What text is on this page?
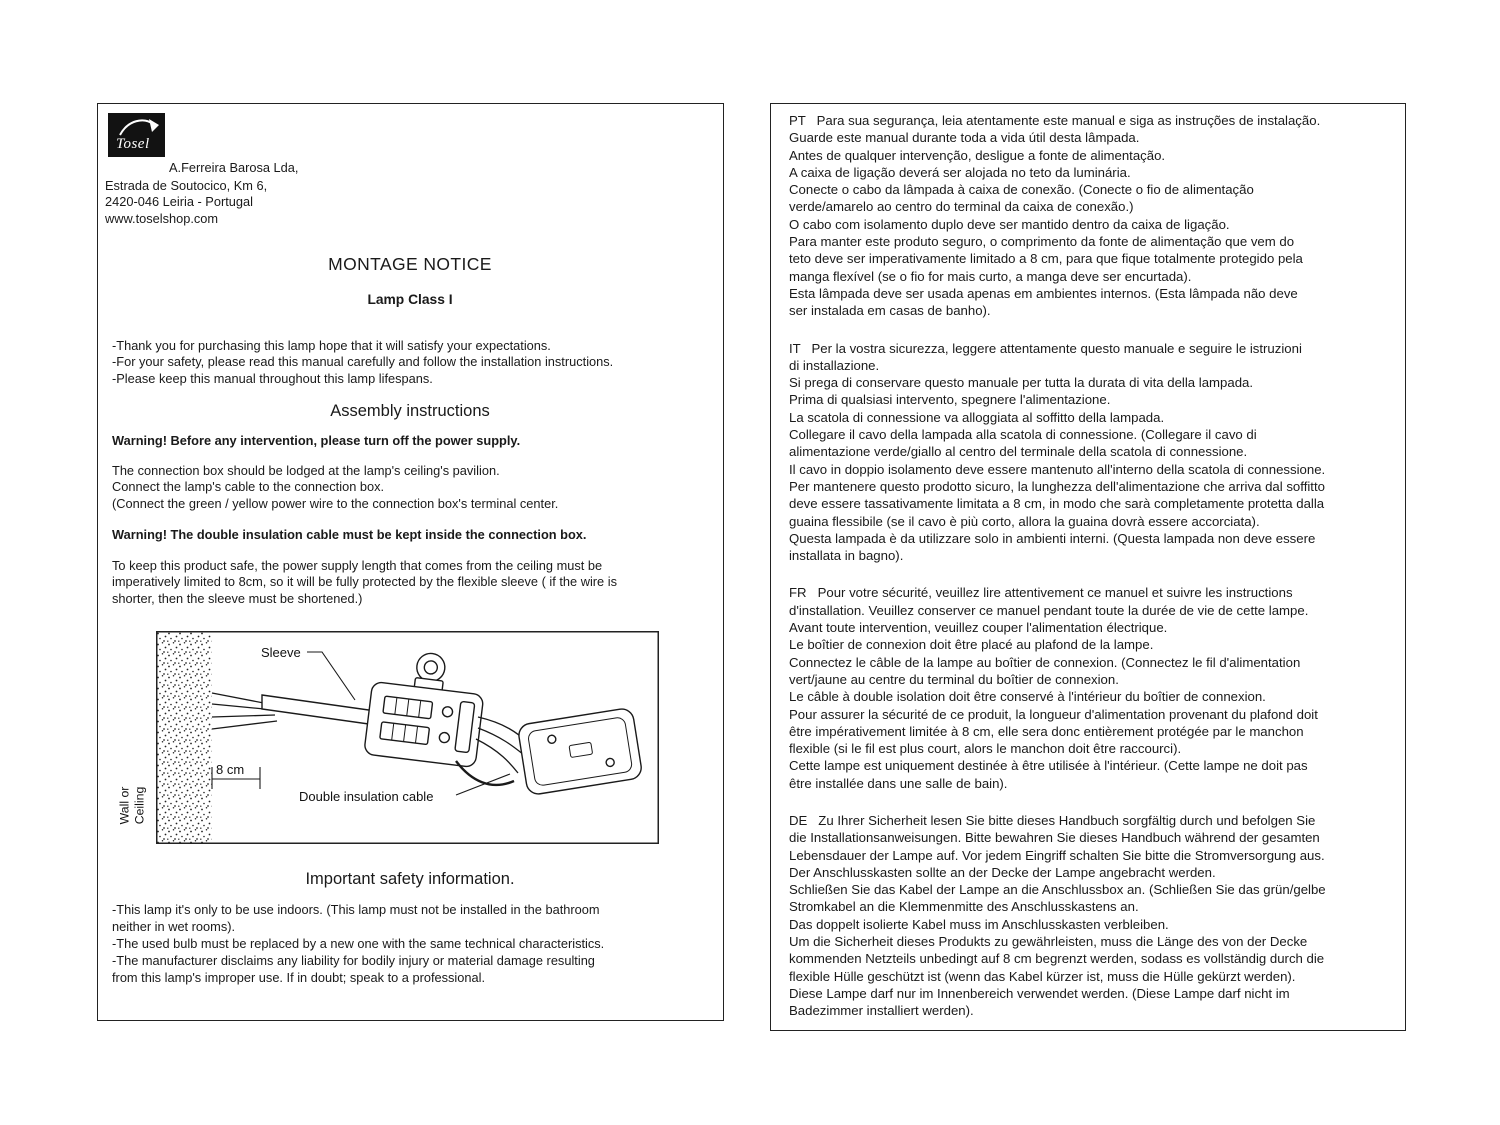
Tosel
A.Ferreira Barosa Lda,
Estrada de Soutocico, Km 6,
2420-046 Leiria - Portugal
www.toselshop.com
MONTAGE NOTICE
Lamp Class I
-Thank you for purchasing this lamp hope that it will satisfy your expectations.
-For your safety, please read this manual carefully and follow the installation instructions.
-Please keep this manual throughout this lamp lifespans.
Assembly instructions
Warning! Before any intervention, please turn off the power supply.
The connection box should be lodged at the lamp's ceiling's pavilion.
Connect the lamp's cable to the connection box.
(Connect the green / yellow power wire to the connection box's terminal center.
Warning! The double insulation cable must be kept inside the connection box.
To keep this product safe, the power supply length that comes from the ceiling must be
imperatively limited to 8cm, so it will be fully protected by the flexible sleeve ( if the wire is
shorter, then the sleeve must be shortened.)
Wall or Ceiling
Sleeve
8 cm
Double insulation cable
Important safety information.
-This lamp it's only to be use indoors. (This lamp must not be installed in the bathroom
neither in wet rooms).
-The used bulb must be replaced by a new one with the same technical characteristics.
-The manufacturer disclaims any liability for bodily injury or material damage resulting
from this lamp's improper use. If in doubt; speak to a professional.
PT   Para sua segurança, leia atentamente este manual e siga as instruções de instalação.
Guarde este manual durante toda a vida útil desta lâmpada.
Antes de qualquer intervenção, desligue a fonte de alimentação.
A caixa de ligação deverá ser alojada no teto da luminária.
Conecte o cabo da lâmpada à caixa de conexão. (Conecte o fio de alimentação
verde/amarelo ao centro do terminal da caixa de conexão.)
O cabo com isolamento duplo deve ser mantido dentro da caixa de ligação.
Para manter este produto seguro, o comprimento da fonte de alimentação que vem do
teto deve ser imperativamente limitado a 8 cm, para que fique totalmente protegido pela
manga flexível (se o fio for mais curto, a manga deve ser encurtada).
Esta lâmpada deve ser usada apenas em ambientes internos. (Esta lâmpada não deve
ser instalada em casas de banho).
IT   Per la vostra sicurezza, leggere attentamente questo manuale e seguire le istruzioni
di installazione.
Si prega di conservare questo manuale per tutta la durata di vita della lampada.
Prima di qualsiasi intervento, spegnere l'alimentazione.
La scatola di connessione va alloggiata al soffitto della lampada.
Collegare il cavo della lampada alla scatola di connessione. (Collegare il cavo di
alimentazione verde/giallo al centro del terminale della scatola di connessione.
Il cavo in doppio isolamento deve essere mantenuto all'interno della scatola di connessione.
Per mantenere questo prodotto sicuro, la lunghezza dell'alimentazione che arriva dal soffitto
deve essere tassativamente limitata a 8 cm, in modo che sarà completamente protetta dalla
guaina flessibile (se il cavo è più corto, allora la guaina dovrà essere accorciata).
Questa lampada è da utilizzare solo in ambienti interni. (Questa lampada non deve essere
installata in bagno).
FR   Pour votre sécurité, veuillez lire attentivement ce manuel et suivre les instructions
d'installation. Veuillez conserver ce manuel pendant toute la durée de vie de cette lampe.
Avant toute intervention, veuillez couper l'alimentation électrique.
Le boîtier de connexion doit être placé au plafond de la lampe.
Connectez le câble de la lampe au boîtier de connexion. (Connectez le fil d'alimentation
vert/jaune au centre du terminal du boîtier de connexion.
Le câble à double isolation doit être conservé à l'intérieur du boîtier de connexion.
Pour assurer la sécurité de ce produit, la longueur d'alimentation provenant du plafond doit
être impérativement limitée à 8 cm, elle sera donc entièrement protégée par le manchon
flexible (si le fil est plus court, alors le manchon doit être raccourci).
Cette lampe est uniquement destinée à être utilisée à l'intérieur. (Cette lampe ne doit pas
être installée dans une salle de bain).
DE   Zu Ihrer Sicherheit lesen Sie bitte dieses Handbuch sorgfältig durch und befolgen Sie
die Installationsanweisungen. Bitte bewahren Sie dieses Handbuch während der gesamten
Lebensdauer der Lampe auf. Vor jedem Eingriff schalten Sie bitte die Stromversorgung aus.
Der Anschlusskasten sollte an der Decke der Lampe angebracht werden.
Schließen Sie das Kabel der Lampe an die Anschlussbox an. (Schließen Sie das grün/gelbe
Stromkabel an die Klemmenmitte des Anschlusskastens an.
Das doppelt isolierte Kabel muss im Anschlusskasten verbleiben.
Um die Sicherheit dieses Produkts zu gewährleisten, muss die Länge des von der Decke
kommenden Netzteils unbedingt auf 8 cm begrenzt werden, sodass es vollständig durch die
flexible Hülle geschützt ist (wenn das Kabel kürzer ist, muss die Hülle gekürzt werden).
Diese Lampe darf nur im Innenbereich verwendet werden. (Diese Lampe darf nicht im
Badezimmer installiert werden).
